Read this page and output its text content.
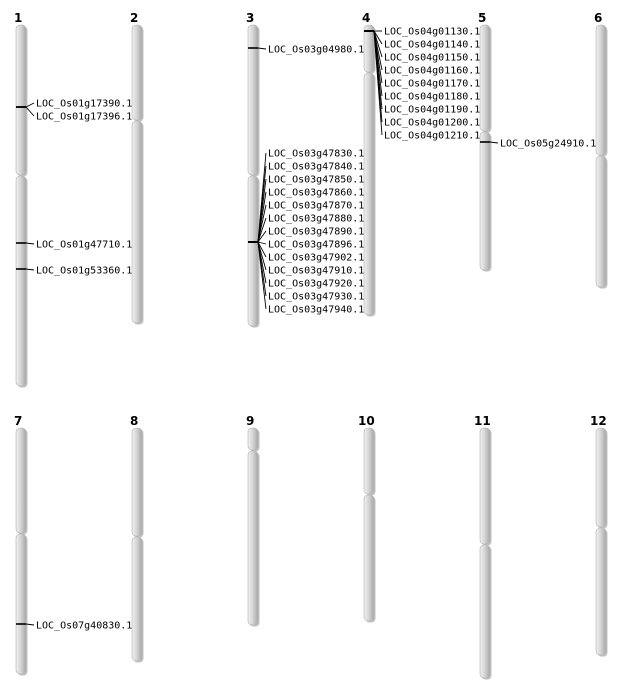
1	2	3	4	5	6
7	8	9	10	11	12
LOC_Os01g17390.1
LOC_Os01g17396.1
LOC_Os01g47710.1
LOC_Os01g53360.1
LOC_Os03g04980.1
LOC_Os03g47830.1
LOC_Os03g47840.1
LOC_Os03g47850.1
LOC_Os03g47860.1
LOC_Os03g47870.1
LOC_Os03g47880.1
LOC_Os03g47890.1
LOC_Os03g47896.1
LOC_Os03g47902.1
LOC_Os03g47910.1
LOC_Os03g47920.1
LOC_Os03g47930.1
LOC_Os03g47940.1
LOC_Os04g01130.1
LOC_Os04g01140.1
LOC_Os04g01150.1
LOC_Os04g01160.1
LOC_Os04g01170.1
LOC_Os04g01180.1
LOC_Os04g01190.1
LOC_Os04g01200.1
LOC_Os04g01210.1
LOC_Os05g24910.1
LOC_Os07g40830.1
